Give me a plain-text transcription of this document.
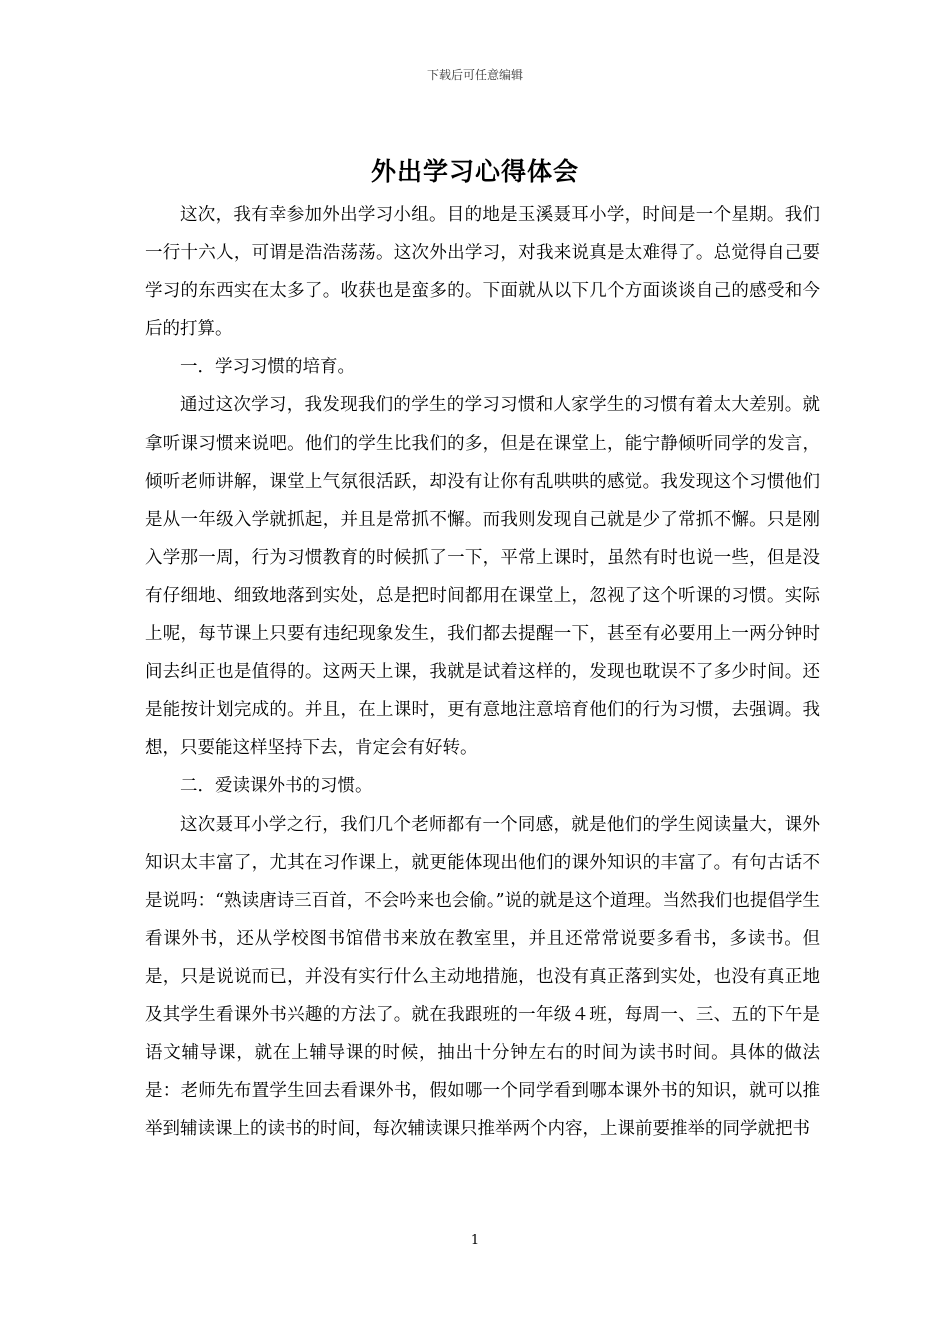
下载后可任意编辑
外出学习心得体会

这次，我有幸参加外出学习小组。目的地是玉溪聂耳小学，时间是一个星期。我们一行十六人，可谓是浩浩荡荡。这次外出学习，对我来说真是太难得了。总觉得自己要学习的东西实在太多了。收获也是蛮多的。下面就从以下几个方面谈谈自己的感受和今后的打算。

一．学习习惯的培育。

通过这次学习，我发现我们的学生的学习习惯和人家学生的习惯有着太大差别。就拿听课习惯来说吧。他们的学生比我们的多，但是在课堂上，能宁静倾听同学的发言，倾听老师讲解，课堂上气氛很活跃，却没有让你有乱哄哄的感觉。我发现这个习惯他们是从一年级入学就抓起，并且是常抓不懈。而我则发现自己就是少了常抓不懈。只是刚入学那一周，行为习惯教育的时候抓了一下，平常上课时，虽然有时也说一些，但是没有仔细地、细致地落到实处，总是把时间都用在课堂上，忽视了这个听课的习惯。实际上呢，每节课上只要有违纪现象发生，我们都去提醒一下，甚至有必要用上一两分钟时间去纠正也是值得的。这两天上课，我就是试着这样的，发现也耽误不了多少时间。还是能按计划完成的。并且，在上课时，更有意地注意培育他们的行为习惯，去强调。我想，只要能这样坚持下去，肯定会有好转。

二．爱读课外书的习惯。

这次聂耳小学之行，我们几个老师都有一个同感，就是他们的学生阅读量大，课外知识太丰富了，尤其在习作课上，就更能体现出他们的课外知识的丰富了。有句古话不是说吗：“熟读唐诗三百首，不会吟来也会偷。”说的就是这个道理。当然我们也提倡学生看课外书，还从学校图书馆借书来放在教室里，并且还常常说要多看书，多读书。但是，只是说说而已，并没有实行什么主动地措施，也没有真正落到实处，也没有真正地及其学生看课外书兴趣的方法了。就在我跟班的一年级４班，每周一、三、五的下午是语文辅导课，就在上辅导课的时候，抽出十分钟左右的时间为读书时间。具体的做法是：老师先布置学生回去看课外书，假如哪一个同学看到哪本课外书的知识，就可以推举到辅读课上的读书的时间，每次辅读课只推举两个内容，上课前要推举的同学就把书

1
